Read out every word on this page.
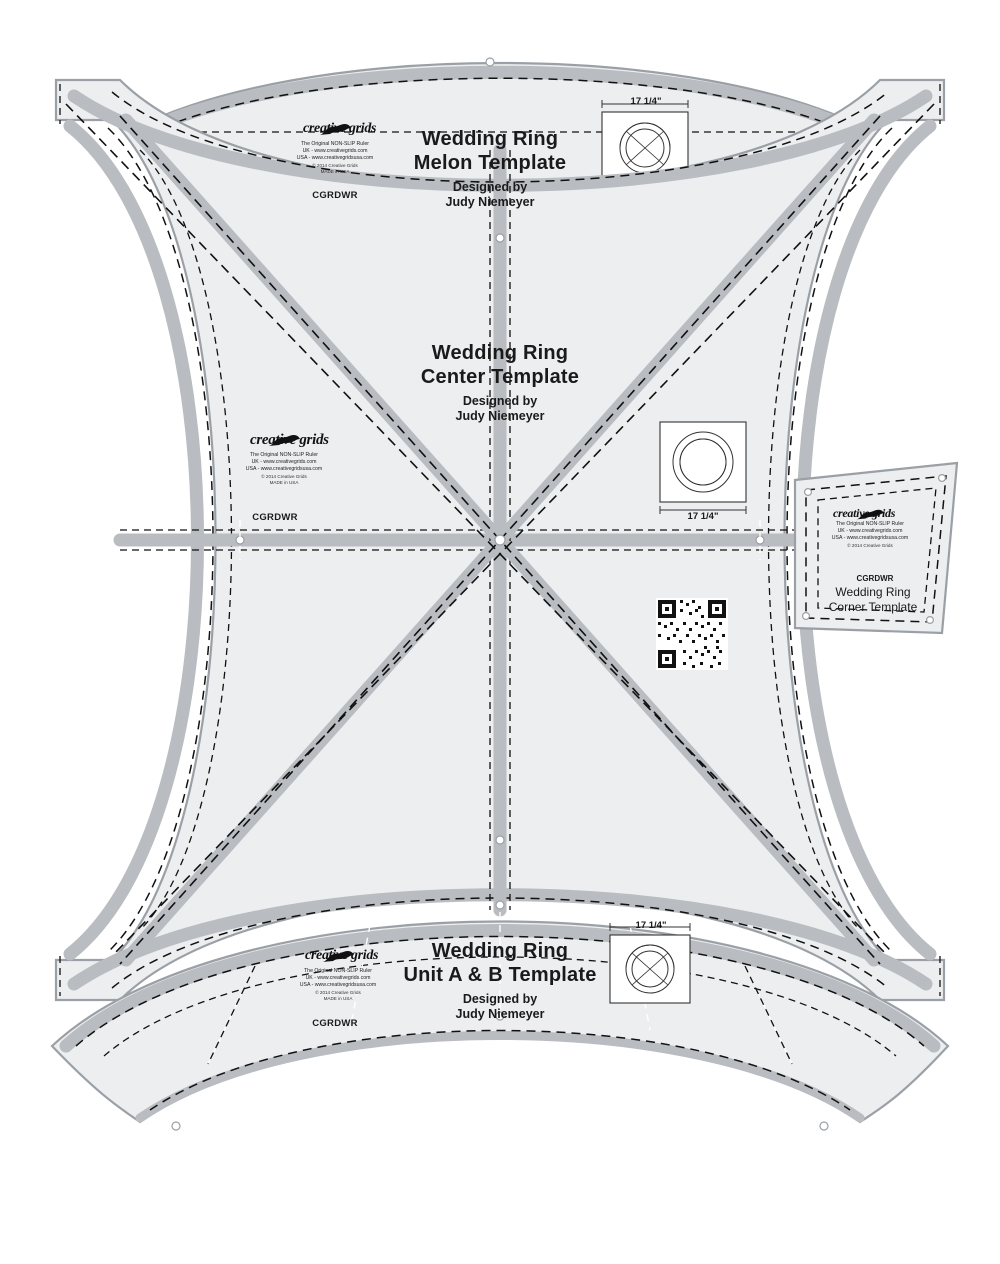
Wedding Ring
Melon Template
Designed by
Judy Niemeyer
17 1/4"
CGRDWR
creative grids
The Original NON-SLIP Ruler
UK - www.creativegrids.com
USA - www.creativegridsusa.com
© 2014 Creative Grids
MADE in USA
Wedding Ring
Center Template
Designed by
Judy Niemeyer
17 1/4"
CGRDWR
creative grids
The Original NON-SLIP Ruler
UK - www.creativegrids.com
USA - www.creativegridsusa.com
© 2014 Creative Grids
MADE in USA
creative grids
The Original NON-SLIP Ruler
UK - www.creativegrids.com
USA - www.creativegridsusa.com
© 2014 Creative Grids
CGRDWR
Wedding Ring
Corner Template
Wedding Ring
Unit A & B Template
Designed by
Judy Niemeyer
17 1/4"
CGRDWR
creative grids
The Original NON-SLIP Ruler
UK - www.creativegrids.com
USA - www.creativegridsusa.com
© 2014 Creative Grids
MADE in USA
